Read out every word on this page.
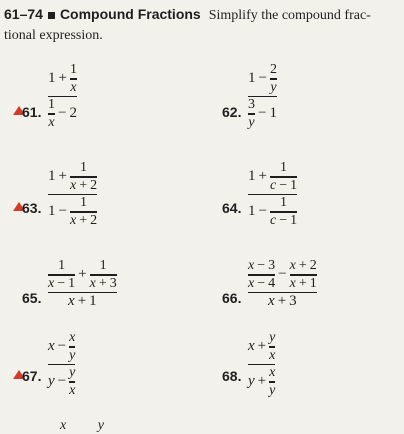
61–74 Compound Fractions Simplify the compound frac-
tional expression.
61.
$1 + \frac{1}{x}$
$\frac{1}{x} - 2$	62.
$1 - \frac{2}{y}$
$\frac{3}{y} - 1$
63.
$1 + \frac{1}{x + 2}$
$1 - \frac{1}{x + 2}$	64.
$1 + \frac{1}{c - 1}$
$1 - \frac{1}{c - 1}$
65.
$\frac{1}{x - 1} + \frac{1}{x + 3}$
x + 1	66.
$\frac{x - 3}{x - 4} - \frac{x + 2}{x + 1}$
x + 3
67.
$x - \frac{x}{y}$
$y - \frac{y}{x}$	68.
$x + \frac{y}{x}$
$y + \frac{x}{y}$
x y
